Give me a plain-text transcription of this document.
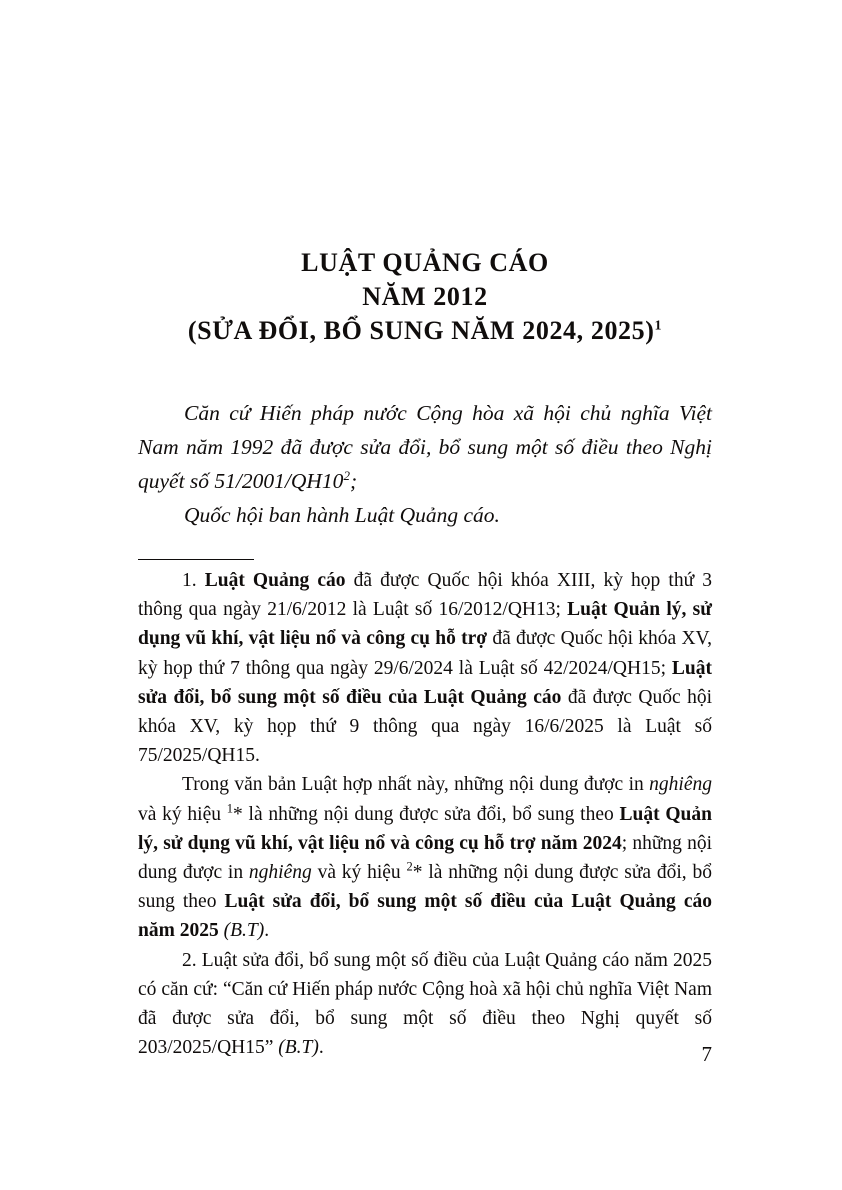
LUẬT QUẢNG CÁO
NĂM 2012
(SỬA ĐỔI, BỔ SUNG NĂM 2024, 2025)$^1$

Căn cứ Hiến pháp nước Cộng hòa xã hội chủ nghĩa Việt Nam năm 1992 đã được sửa đổi, bổ sung một số điều theo Nghị quyết số $51/2001/QH10^2$;

Quốc hội ban hành Luật Quảng cáo.

1. Luật Quảng cáo đã được Quốc hội khóa XIII, kỳ họp thứ 3 thông qua ngày 21/6/2012 là Luật số 16/2012/QH13; Luật Quản lý, sử dụng vũ khí, vật liệu nổ và công cụ hỗ trợ đã được Quốc hội khóa XV, kỳ họp thứ 7 thông qua ngày 29/6/2024 là Luật số 42/2024/QH15; Luật sửa đổi, bổ sung một số điều của Luật Quảng cáo đã được Quốc hội khóa XV, kỳ họp thứ 9 thông qua ngày 16/6/2025 là Luật số 75/2025/QH15.

Trong văn bản Luật hợp nhất này, những nội dung được in nghiêng và ký hiệu $^1$* là những nội dung được sửa đổi, bổ sung theo Luật Quản lý, sử dụng vũ khí, vật liệu nổ và công cụ hỗ trợ năm 2024; những nội dung được in nghiêng và ký hiệu $^2$* là những nội dung được sửa đổi, bổ sung theo Luật sửa đổi, bổ sung một số điều của Luật Quảng cáo năm 2025 (B.T).

2. Luật sửa đổi, bổ sung một số điều của Luật Quảng cáo năm 2025 có căn cứ: “Căn cứ Hiến pháp nước Cộng hoà xã hội chủ nghĩa Việt Nam đã được sửa đổi, bổ sung một số điều theo Nghị quyết số 203/2025/QH15” (B.T).	7
